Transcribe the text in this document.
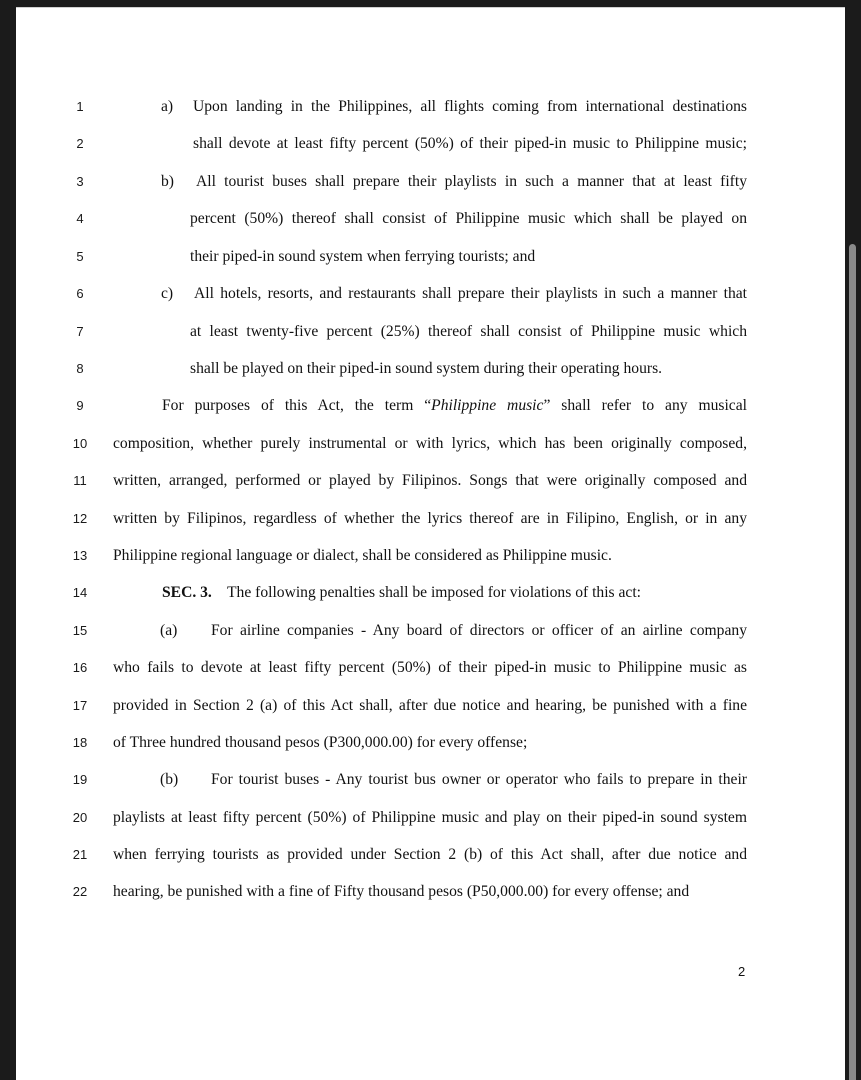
1	a) Upon landing in the Philippines, all flights coming from international destinations
2	shall devote at least fifty percent (50%) of their piped-in music to Philippine music;
3	b) All tourist buses shall prepare their playlists in such a manner that at least fifty
4	percent (50%) thereof shall consist of Philippine music which shall be played on
5	their piped-in sound system when ferrying tourists; and
6	c) All hotels, resorts, and restaurants shall prepare their playlists in such a manner that
7	at least twenty-five percent (25%) thereof shall consist of Philippine music which
8	shall be played on their piped-in sound system during their operating hours.
9	For purposes of this Act, the term “Philippine music” shall refer to any musical
10	composition, whether purely instrumental or with lyrics, which has been originally composed,
11	written, arranged, performed or played by Filipinos. Songs that were originally composed and
12	written by Filipinos, regardless of whether the lyrics thereof are in Filipino, English, or in any
13	Philippine regional language or dialect, shall be considered as Philippine music.
14	SEC. 3. The following penalties shall be imposed for violations of this act:
15	(a) For airline companies - Any board of directors or officer of an airline company
16	who fails to devote at least fifty percent (50%) of their piped-in music to Philippine music as
17	provided in Section 2 (a) of this Act shall, after due notice and hearing, be punished with a fine
18	of Three hundred thousand pesos (P300,000.00) for every offense;
19	(b) For tourist buses - Any tourist bus owner or operator who fails to prepare in their
20	playlists at least fifty percent (50%) of Philippine music and play on their piped-in sound system
21	when ferrying tourists as provided under Section 2 (b) of this Act shall, after due notice and
22	hearing, be punished with a fine of Fifty thousand pesos (P50,000.00) for every offense; and
2
